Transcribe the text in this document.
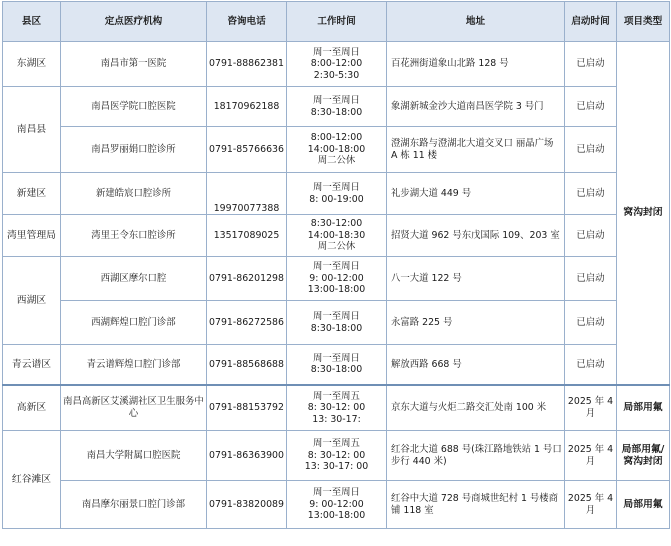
县区	定点医疗机构	咨询电话	工作时间	地址	启动时间	项目类型
东湖区	南昌市第一医院	0791-88862381	周一至周日
8:00-12:00
2:30-5:30	百花洲街道象山北路 128 号	已启动	窝沟封闭
南昌县	南昌医学院口腔医院	18170962188	周一至周日
8:30-18:00	象湖新城金沙大道南昌医学院 3 号门	已启动	
	南昌罗丽娟口腔诊所	0791-85766636	8:00-12:00
14:00-18:00
周二公休	澄湖东路与澄湖北大道交叉口 丽晶广场 A 栋 11 楼	已启动	
新建区	新建皓宸口腔诊所	19970077388	周一至周日
8: 00-19:00	礼步湖大道 449 号	已启动	
湾里管理局	湾里王令东口腔诊所	13517089025	8:30-12:00
14:00-18:30
周二公休	招贤大道 962 号东戊国际 109、203 室	已启动	
西湖区	西湖区摩尔口腔	0791-86201298	周一至周日
9: 00-12:00
13:00-18:00	八一大道 122 号	已启动	
	西湖辉煌口腔门诊部	0791-86272586	周一至周日
8:30-18:00	永富路 225 号	已启动	
青云谱区	青云谱辉煌口腔门诊部	0791-88568688	周一至周日
8:30-18:00	解放西路 668 号	已启动	
高新区	南昌高新区艾溪湖社区卫生服务中心	0791-88153792	周一至周五
8: 30-12: 00
13: 30-17:	京东大道与火炬二路交汇处南 100 米	2025 年 4 月	局部用氟
红谷滩区	南昌大学附属口腔医院	0791-86363900	周一至周五
8: 30-12: 00
13: 30-17: 00	红谷北大道 688 号(珠江路地铁站 1 号口步行 440 米)	2025 年 4 月	局部用氟/窝沟封闭
	南昌摩尔丽景口腔门诊部	0791-83820089	周一至周日
9: 00-12:00
13:00-18:00	红谷中大道 728 号商城世纪村 1 号楼商铺 118 室	2025 年 4 月	局部用氟
